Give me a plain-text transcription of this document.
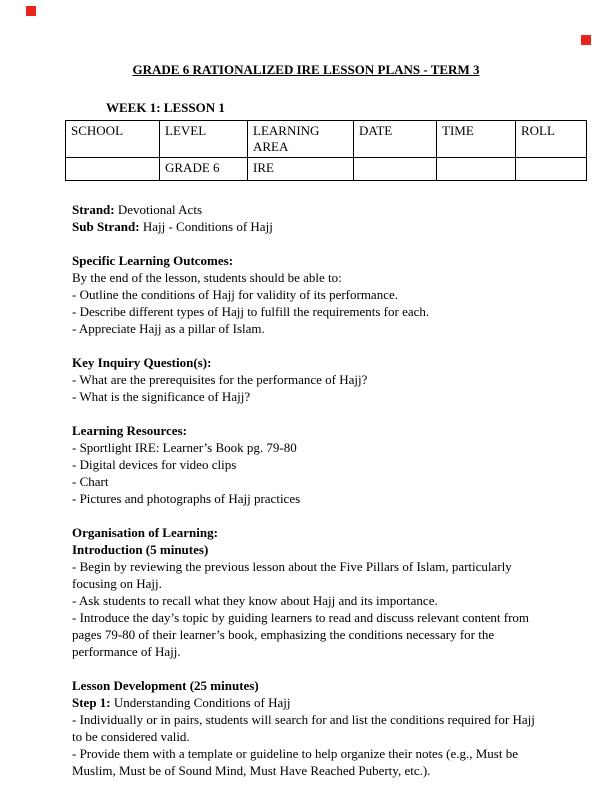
GRADE 6 RATIONALIZED IRE LESSON PLANS - TERM 3
WEEK 1: LESSON 1
SCHOOL	LEVEL	LEARNING AREA	DATE	TIME	ROLL
	GRADE 6	IRE			
Strand: Devotional Acts
Sub Strand: Hajj - Conditions of Hajj
Specific Learning Outcomes:
By the end of the lesson, students should be able to:
- Outline the conditions of Hajj for validity of its performance.
- Describe different types of Hajj to fulfill the requirements for each.
- Appreciate Hajj as a pillar of Islam.
Key Inquiry Question(s):
- What are the prerequisites for the performance of Hajj?
- What is the significance of Hajj?
Learning Resources:
- Sportlight IRE: Learner’s Book pg. 79-80
- Digital devices for video clips
- Chart
- Pictures and photographs of Hajj practices
Organisation of Learning:
Introduction (5 minutes)
- Begin by reviewing the previous lesson about the Five Pillars of Islam, particularly focusing on Hajj.
- Ask students to recall what they know about Hajj and its importance.
- Introduce the day’s topic by guiding learners to read and discuss relevant content from pages 79-80 of their learner’s book, emphasizing the conditions necessary for the performance of Hajj.
Lesson Development (25 minutes)
Step 1: Understanding Conditions of Hajj
- Individually or in pairs, students will search for and list the conditions required for Hajj to be considered valid.
- Provide them with a template or guideline to help organize their notes (e.g., Must be Muslim, Must be of Sound Mind, Must Have Reached Puberty, etc.).
